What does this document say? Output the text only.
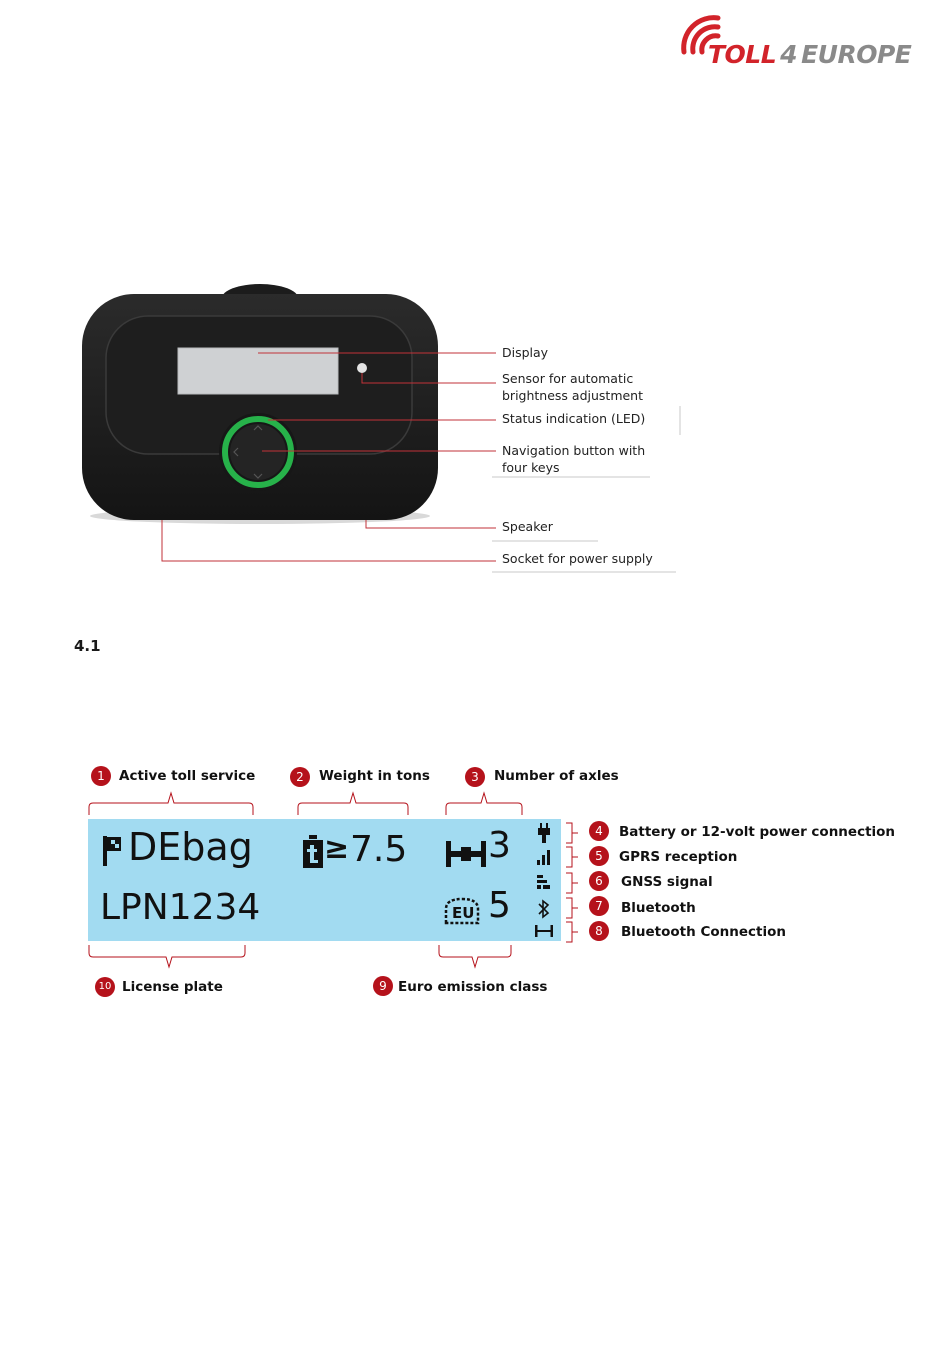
TOLL 4 EUROPE
Display
Sensor for automatic
brightness adjustment
Status indication (LED)
Navigation button with
four keys
Speaker
Socket for power supply
4.1
DEbag ≥ 7.5 3
LPN1234	EU 5
1	Active toll service	2	Weight in tons	3	Number of axles
4	Battery or 12-volt power connection
5	GPRS reception
6	GNSS signal
7	Bluetooth
8	Bluetooth Connection
10 License plate	9 Euro emission class
